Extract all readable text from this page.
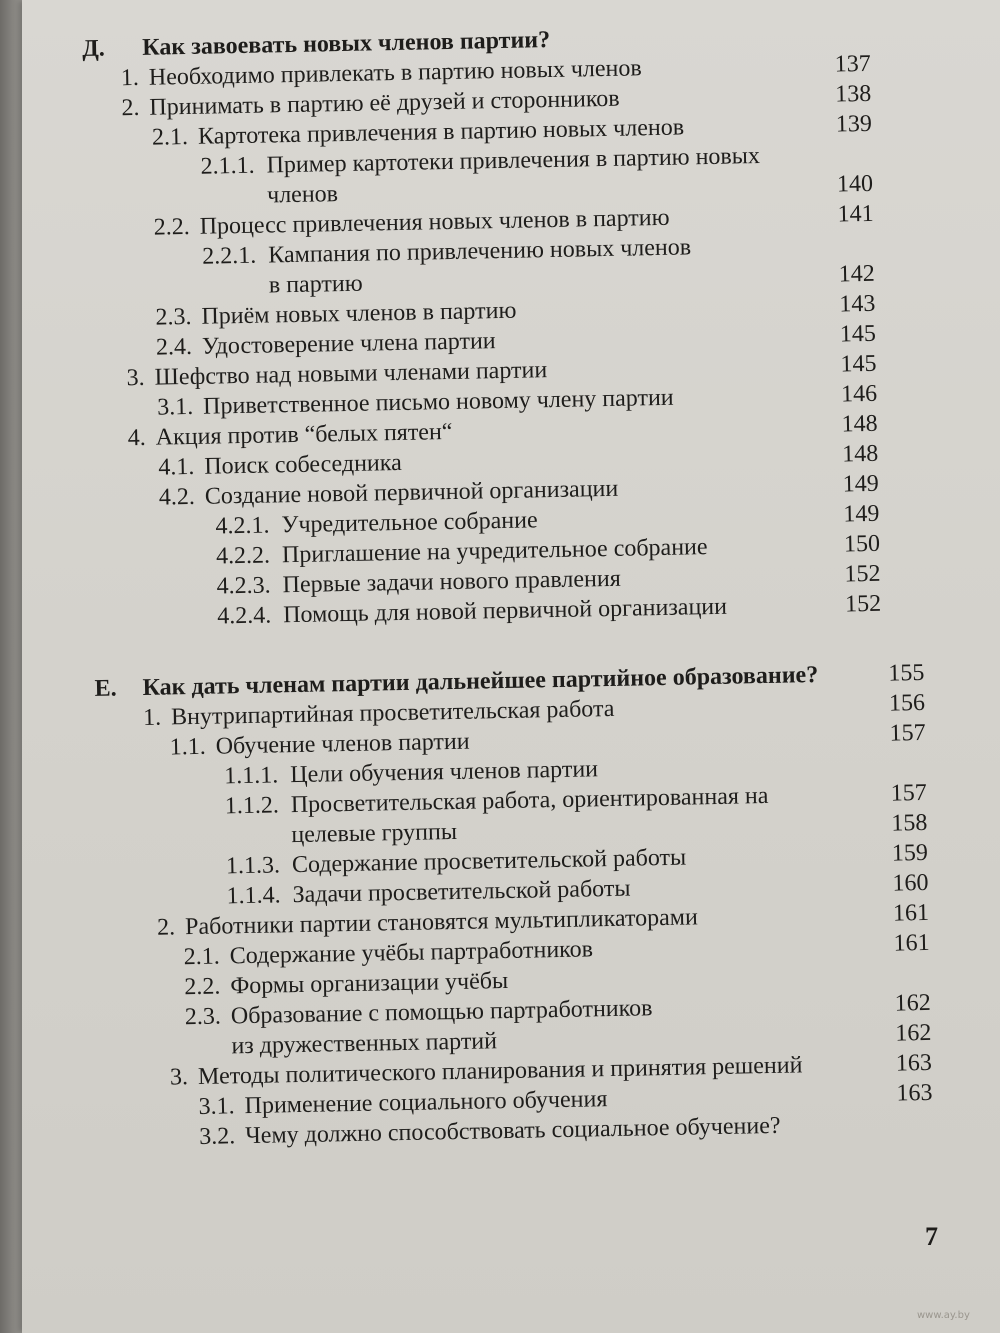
Д. Как завоевать новых членов партии?
1. Необходимо привлекать в партию новых членов	137
2. Принимать в партию её друзей и сторонников	138
2.1. Картотека привлечения в партию новых членов	139
2.1.1. Пример картотеки привлечения в партию новых
членов	140
2.2. Процесс привлечения новых членов в партию	141
2.2.1. Кампания по привлечению новых членов
в партию	142
2.3. Приём новых членов в партию	143
2.4. Удостоверение члена партии	145
3. Шефство над новыми членами партии	145
3.1. Приветственное письмо новому члену партии	146
4. Акция против “белых пятен“	148
4.1. Поиск собеседника	148
4.2. Создание новой первичной организации	149
4.2.1. Учредительное собрание	149
4.2.2. Приглашение на учредительное собрание	150
4.2.3. Первые задачи нового правления	152
4.2.4. Помощь для новой первичной организации	152
Е. Как дать членам партии дальнейшее партийное образование?	155
1. Внутрипартийная просветительская работа	156
1.1. Обучение членов партии	157
1.1.1. Цели обучения членов партии
1.1.2. Просветительская работа, ориентированная на	157
целевые группы	158
1.1.3. Содержание просветительской работы	159
1.1.4. Задачи просветительской работы	160
2. Работники партии становятся мультипликаторами	161
2.1. Содержание учёбы партработников	161
2.2. Формы организации учёбы
2.3. Образование с помощью партработников	162
из дружественных партий	162
3. Методы политического планирования и принятия решений	163
3.1. Применение социального обучения	163
3.2. Чему должно способствовать социальное обучение?
7
www.ay.by
